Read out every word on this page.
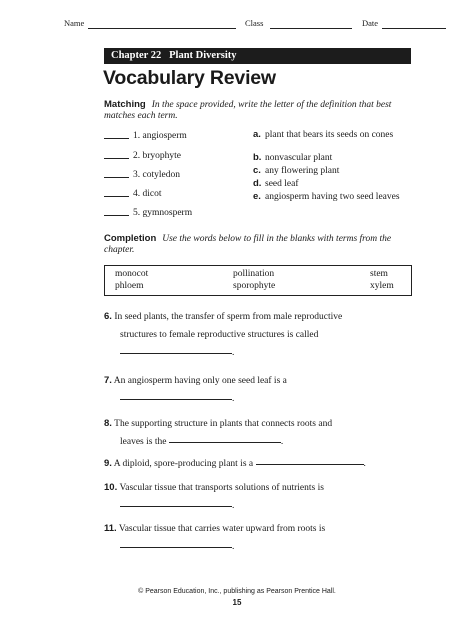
Name	Class	Date
Chapter 22 Plant Diversity
Vocabulary Review
Matching In the space provided, write the letter of the definition that best matches each term.
1. angiosperm
2. bryophyte
3. cotyledon
4. dicot
5. gymnosperm
a. plant that bears its seeds on cones
b. nonvascular plant
c. any flowering plant
d. seed leaf
e. angiosperm having two seed leaves
Completion Use the words below to fill in the blanks with terms from the chapter.
monocot	pollination	stem
phloem	sporophyte	xylem
6. In seed plants, the transfer of sperm from male reproductive
structures to female reproductive structures is called
.
7. An angiosperm having only one seed leaf is a
.
8. The supporting structure in plants that connects roots and
leaves is the	.
9. A diploid, spore-producing plant is a	.
10. Vascular tissue that transports solutions of nutrients is
.
11. Vascular tissue that carries water upward from roots is
.
© Pearson Education, Inc., publishing as Pearson Prentice Hall.
15
